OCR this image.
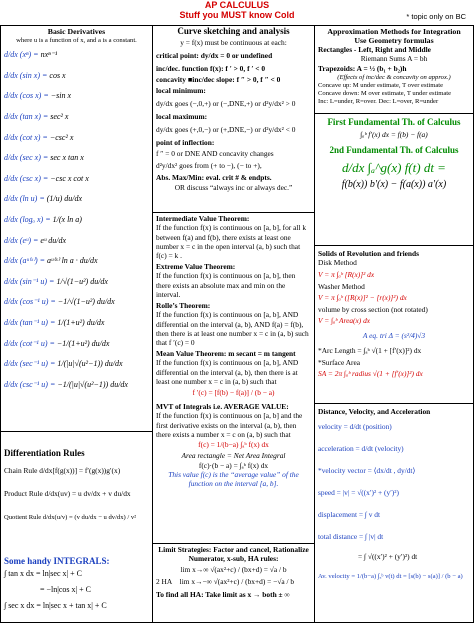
AP CALCULUS
Stuff you MUST know Cold	* topic only on BC
Basic Derivatives
where u is a function of x, and a is a constant.
d/dx (xⁿ) = nxⁿ⁻¹
d/dx (sin x) = cos x
d/dx (cos x) = −sin x
d/dx (tan x) = sec² x
d/dx (cot x) = −csc² x
d/dx (sec x) = sec x tan x
d/dx (csc x) = −csc x cot x
d/dx (ln u) = (1/u) du/dx
d/dx (logₐ x) = 1/(x ln a)
d/dx (eᵘ) = eᵘ du/dx
d/dx (aᵘ⁽ˣ⁾) = aᵘ⁽ˣ⁾ ln a · du/dx
d/dx (sin⁻¹ u) = 1/√(1−u²) du/dx
d/dx (cos⁻¹ u) = −1/√(1−u²) du/dx
d/dx (tan⁻¹ u) = 1/(1+u²) du/dx
d/dx (cot⁻¹ u) = −1/(1+u²) du/dx
d/dx (sec⁻¹ u) = 1/(|u|√(u²−1)) du/dx
d/dx (csc⁻¹ u) = −1/(|u|√(u²−1)) du/dx
Differentiation Rules
Chain Rule d/dx[f(g(x))] = f′(g(x))g′(x)
Product Rule d/dx(uv) = u dv/dx + v du/dx
Quotient Rule d/dx(u/v) = (v du/dx − u dv/dx) / v²
Some handy INTEGRALS:
∫ tan x dx = ln|sec x| + C
= −ln|cos x| + C
∫ sec x dx = ln|sec x + tan x| + C
Curve sketching and analysis
y = f(x) must be continuous at each:
critical point: dy/dx = 0 or undefined
inc/dec. function f(x): f ′ > 0, f ′ < 0
concavity ■inc/dec slope: f ″ > 0, f ″ < 0
local minimum:
dy/dx goes (−,0,+) or (−,DNE,+) or d²y/dx² > 0
local maximum:
dy/dx goes (+,0,−) or (+,DNE,−) or d²y/dx² < 0
point of inflection:
f ″ = 0 or DNE AND concavity changes
d²y/dx² goes from (+ to −), (− to +),
Abs. Max/Min: eval. crit # & endpts.
OR discuss “always inc or always dec.”
Intermediate Value Theorem:
If the function f(x) is continuous on [a, b], for all k between f(a) and f(b), there exists at least one number x = c in the open interval (a, b) such that f(c) = k .
Extreme Value Theorem:
If the function f(x) is continuous on [a, b], then there exists an absolute max and min on the interval.
Rolle’s Theorem:
If the function f(x) is continuous on [a, b], AND differential on the interval (a, b), AND f(a) = f(b), then there is at least one number x = c in (a, b) such that f ′(c) = 0
Mean Value Theorem: m secant = m tangent
If the function f(x) is continuous on [a, b], AND differential on the interval (a, b), then there is at least one number x = c in (a, b) such that
f ′(c) = [f(b) − f(a)] / (b − a)
MVT of Integrals i.e. AVERAGE VALUE:
If the function f(x) is continuous on [a, b] and the first derivative exists on the interval (a, b), then there exists a number x = c on (a, b) such that
f(c) = 1/(b−a) ∫ₐᵇ f(x) dx
Area rectangle = Net Area Integral
f(c)·(b − a) = ∫ₐᵇ f(x) dx
This value f(c) is the “average value” of the function on the interval [a, b].
Limit Strategies: Factor and cancel, Rationalize Numerator, x-sub, HA rules:
lim x→∞ √(ax²+c) / (bx+d) = √a / b
2 HA lim x→−∞ √(ax²+c) / (bx+d) = −√a / b
To find all HA: Take limit as x → both ± ∞
Approximation Methods for Integration
Use Geometry formulas
Rectangles - Left, Right and Middle
Riemann Sums A = bh
Trapezoids: A = ½ (b₁ + b₂)h
(Effects of inc/dec & concavity on approx.)
Concave up: M under estimate, T over estimate
Concave down: M over estimate, T under estimate
Inc: L=under, R=over. Dec: L=over, R=under
First Fundamental Th. of Calculus
∫ₐᵇ f′(x) dx = f(b) − f(a)
2nd Fundamental Th. of Calculus
d/dx ∫ₐ^g(x) f(t) dt =
f(b(x)) b′(x) − f(a(x)) a′(x)
Solids of Revolution and friends
Disk Method
V = π ∫ₐᵇ [R(x)]² dx
Washer Method
V = π ∫ₐᵇ ([R(x)]² − [r(x)]²) dx
volume by cross section (not rotated)
V = ∫ₐᵇ Area(x) dx
A eq. tri Δ = (s²/4)√3
*Arc Length = ∫ₐᵇ √(1 + [f′(x)]²) dx
*Surface Area
SA = 2π ∫ₐᵇ radius √(1 + [f′(x)]²) dx
Distance, Velocity, and Acceleration
velocity = d/dt (position)
acceleration = d/dt (velocity)
*velocity vector = ⟨dx/dt , dy/dt⟩
speed = |v| = √((x′)² + (y′)²)
displacement = ∫ v dt
total distance = ∫ |v| dt
= ∫ √((x′)² + (y′)²) dt
Av. velocity = 1/(b−a) ∫ₐᵇ v(t) dt = [s(b) − s(a)] / (b − a)
